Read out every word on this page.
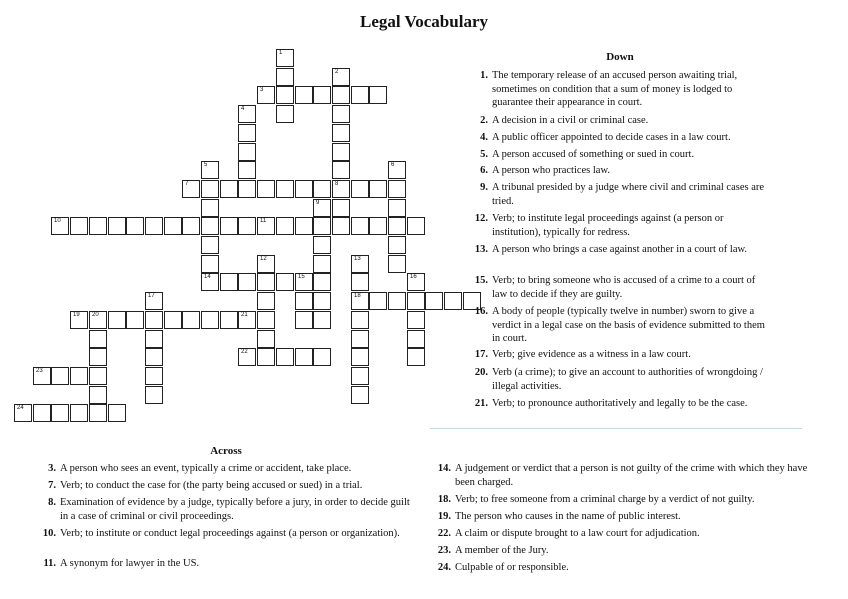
Legal Vocabulary
1
8
4
5
14
6
9
12	13
18
15	16
17
20
3
7
10	11
19	21
22
23
24
2
Down
1. The temporary release of an accused person awaiting trial, sometimes on condition that a sum of money is lodged to guarantee their appearance in court.
2. A decision in a civil or criminal case.
4. A public officer appointed to decide cases in a law court.
5. A person accused of something or sued in court.
6. A person who practices law.
9. A tribunal presided by a judge where civil and criminal cases are tried.
12. Verb; to institute legal proceedings against (a person or institution), typically for redress.
13. A person who brings a case against another in a court of law.
15. Verb; to bring someone who is accused of a crime to a court of law to decide if they are guilty.
16. A body of people (typically twelve in number) sworn to give a verdict in a legal case on the basis of evidence submitted to them in court.
17. Verb; give evidence as a witness in a law court.
20. Verb (a crime); to give an account to authorities of wrongdoing / illegal activities.
21. Verb; to pronounce authoritatively and legally to be the case.
Across
3. A person who sees an event, typically a crime or accident, take place.
7. Verb; to conduct the case for (the party being accused or sued) in a trial.
8. Examination of evidence by a judge, typically before a jury, in order to decide guilt in a case of criminal or civil proceedings.
10. Verb; to institute or conduct legal proceedings against (a person or organization).
11. A synonym for lawyer in the US.
14. A judgement or verdict that a person is not guilty of the crime with which they have been charged.
18. Verb; to free someone from a criminal charge by a verdict of not guilty.
19. The person who causes in the name of public interest.
22. A claim or dispute brought to a law court for adjudication.
23. A member of the Jury.
24. Culpable of or responsible.
